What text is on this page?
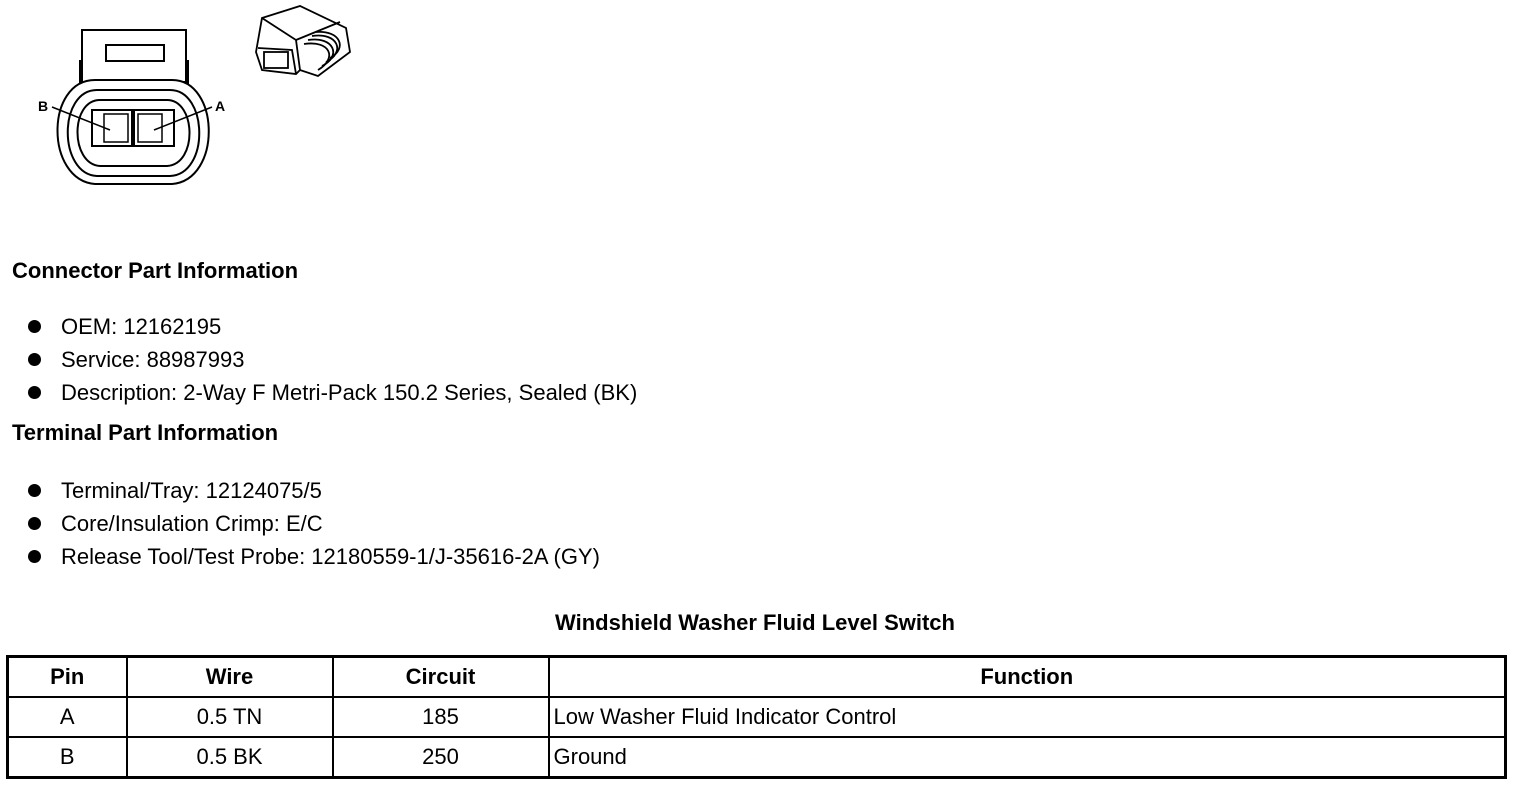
B	A
Connector Part Information
OEM: 12162195
Service: 88987993
Description: 2-Way F Metri-Pack 150.2 Series, Sealed (BK)
Terminal Part Information
Terminal/Tray: 12124075/5
Core/Insulation Crimp: E/C
Release Tool/Test Probe: 12180559-1/J-35616-2A (GY)
Windshield Washer Fluid Level Switch
Pin	Wire	Circuit	Function
A	0.5 TN	185	Low Washer Fluid Indicator Control
B	0.5 BK	250	Ground
